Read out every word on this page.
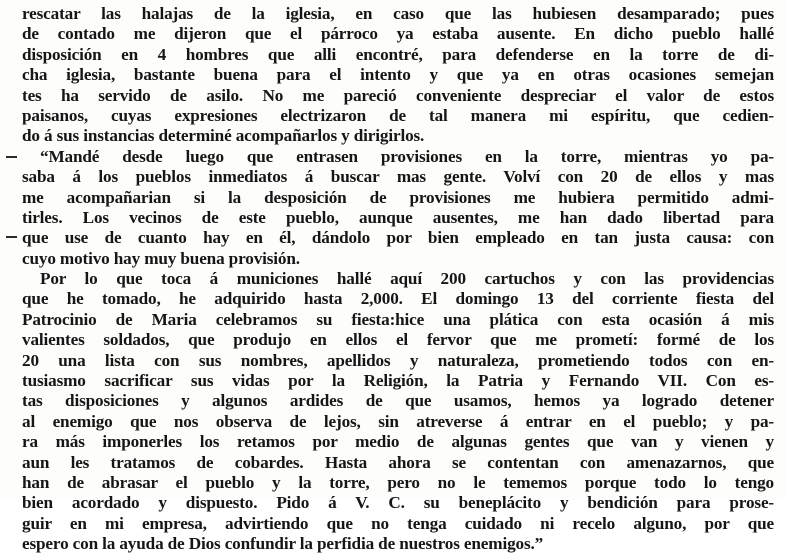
rescatar las halajas de la iglesia, en caso que las hubiesen desamparado; pues
de contado me dijeron que el párroco ya estaba ausente. En dicho pueblo hallé
disposición en 4 hombres que alli encontré, para defenderse en la torre de di-
cha iglesia, bastante buena para el intento y que ya en otras ocasiones semejan
tes ha servido de asilo. No me pareció conveniente despreciar el valor de estos
paisanos, cuyas expresiones electrizaron de tal manera mi espíritu, que cedien-
do á sus instancias determiné acompañarlos y dirigirlos.
“Mandé desde luego que entrasen provisiones en la torre, mientras yo pa-
saba á los pueblos inmediatos á buscar mas gente. Volví con 20 de ellos y mas
me acompañarian si la desposición de provisiones me hubiera permitido admi-
tirles. Los vecinos de este pueblo, aunque ausentes, me han dado libertad para
que use de cuanto hay en él, dándolo por bien empleado en tan justa causa: con
cuyo motivo hay muy buena provisión.
Por lo que toca á municiones hallé aquí 200 cartuchos y con las providencias
que he tomado, he adquirido hasta 2,000. El domingo 13 del corriente fiesta del
Patrocinio de Maria celebramos su fiesta:hice una plática con esta ocasión á mis
valientes soldados, que produjo en ellos el fervor que me prometí: formé de los
20 una lista con sus nombres, apellidos y naturaleza, prometiendo todos con en-
tusiasmo sacrificar sus vidas por la Religión, la Patria y Fernando VII. Con es-
tas disposiciones y algunos ardides de que usamos, hemos ya logrado detener
al enemigo que nos observa de lejos, sin atreverse á entrar en el pueblo; y pa-
ra más imponerles los retamos por medio de algunas gentes que van y vienen y
aun les tratamos de cobardes. Hasta ahora se contentan con amenazarnos, que
han de abrasar el pueblo y la torre, pero no le tememos porque todo lo tengo
bien acordado y dispuesto. Pido á V. C. su beneplácito y bendición para prose-
guir en mi empresa, advirtiendo que no tenga cuidado ni recelo alguno, por que
espero con la ayuda de Dios confundir la perfidia de nuestros enemigos.”
